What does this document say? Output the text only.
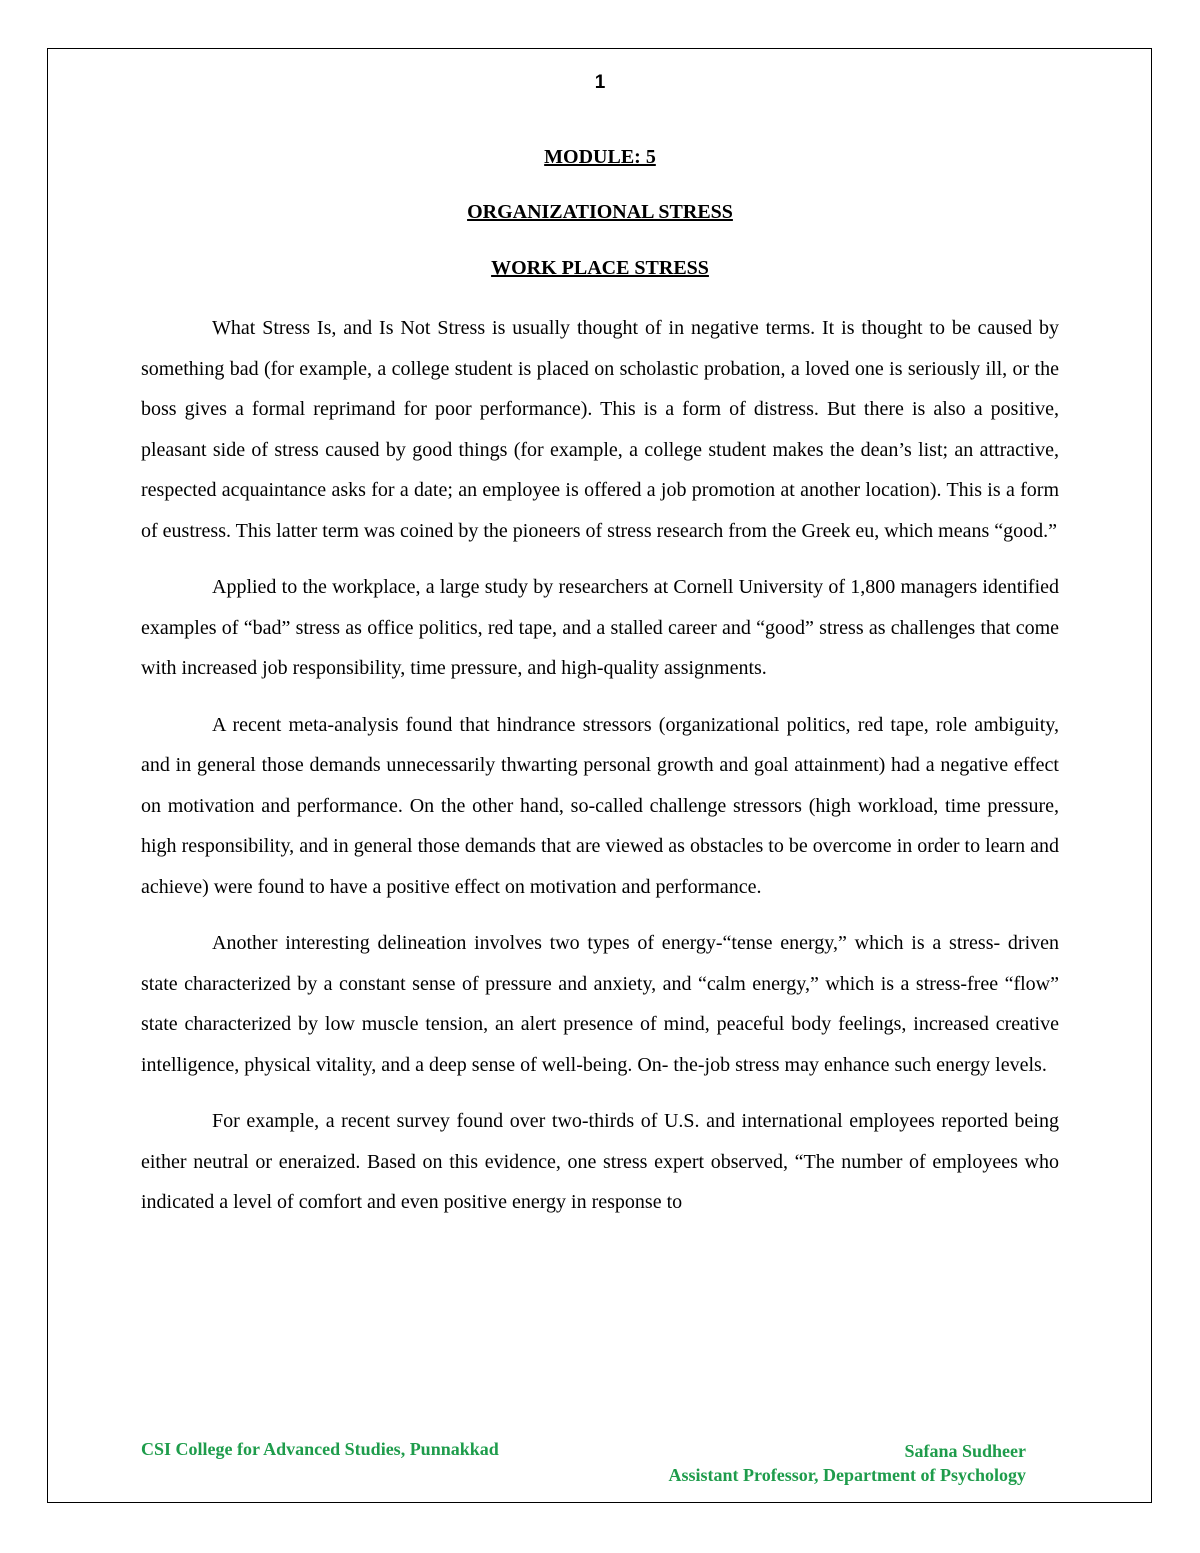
1
MODULE: 5
ORGANIZATIONAL STRESS
WORK PLACE STRESS

What Stress Is, and Is Not Stress is usually thought of in negative terms. It is thought to be caused by something bad (for example, a college student is placed on scholastic probation, a loved one is seriously ill, or the boss gives a formal reprimand for poor performance). This is a form of distress. But there is also a positive, pleasant side of stress caused by good things (for example, a college student makes the dean’s list; an attractive, respected acquaintance asks for a date; an employee is offered a job promotion at another location). This is a form of eustress. This latter term was coined by the pioneers of stress research from the Greek eu, which means “good.”

Applied to the workplace, a large study by researchers at Cornell University of 1,800 managers identified examples of “bad” stress as office politics, red tape, and a stalled career and “good” stress as challenges that come with increased job responsibility, time pressure, and high-quality assignments.

A recent meta-analysis found that hindrance stressors (organizational politics, red tape, role ambiguity, and in general those demands unnecessarily thwarting personal growth and goal attainment) had a negative effect on motivation and performance. On the other hand, so-called challenge stressors (high workload, time pressure, high responsibility, and in general those demands that are viewed as obstacles to be overcome in order to learn and achieve) were found to have a positive effect on motivation and performance.

Another interesting delineation involves two types of energy-“tense energy,” which is a stress- driven state characterized by a constant sense of pressure and anxiety, and “calm energy,” which is a stress-free “flow” state characterized by low muscle tension, an alert presence of mind, peaceful body feelings, increased creative intelligence, physical vitality, and a deep sense of well-being. On- the-job stress may enhance such energy levels.

For example, a recent survey found over two-thirds of U.S. and international employees reported being either neutral or eneraized. Based on this evidence, one stress expert observed, “The number of employees who indicated a level of comfort and even positive energy in response to

CSI College for Advanced Studies, Punnakkad	Safana Sudheer
Assistant Professor, Department of Psychology
